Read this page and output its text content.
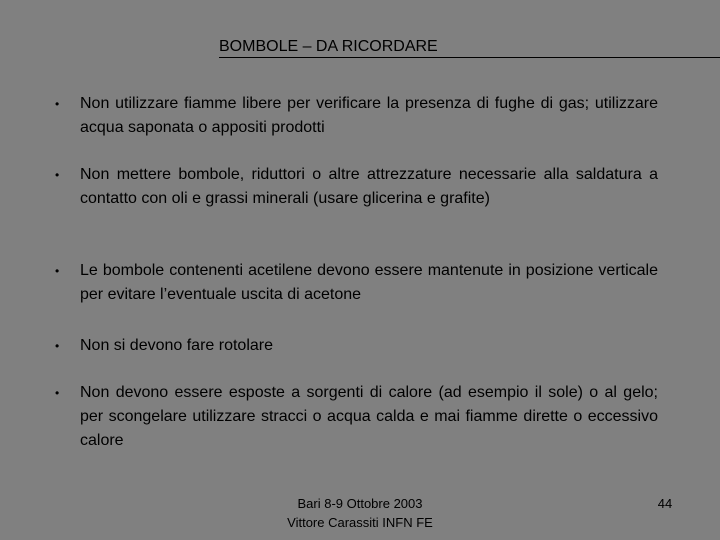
BOMBOLE – DA RICORDARE
• Non utilizzare fiamme libere per verificare la presenza di fughe di gas; utilizzare acqua saponata o appositi prodotti

• Non mettere bombole, riduttori o altre attrezzature necessarie alla saldatura a contatto con oli e grassi minerali (usare glicerina e grafite)

• Le bombole contenenti acetilene devono essere mantenute in posizione verticale per evitare l’eventuale uscita di acetone

• Non si devono fare rotolare

• Non devono essere esposte a sorgenti di calore (ad esempio il sole) o al gelo; per scongelare utilizzare stracci o acqua calda e mai fiamme dirette o eccessivo calore

Bari 8-9 Ottobre 2003
Vittore Carassiti INFN FE
44
